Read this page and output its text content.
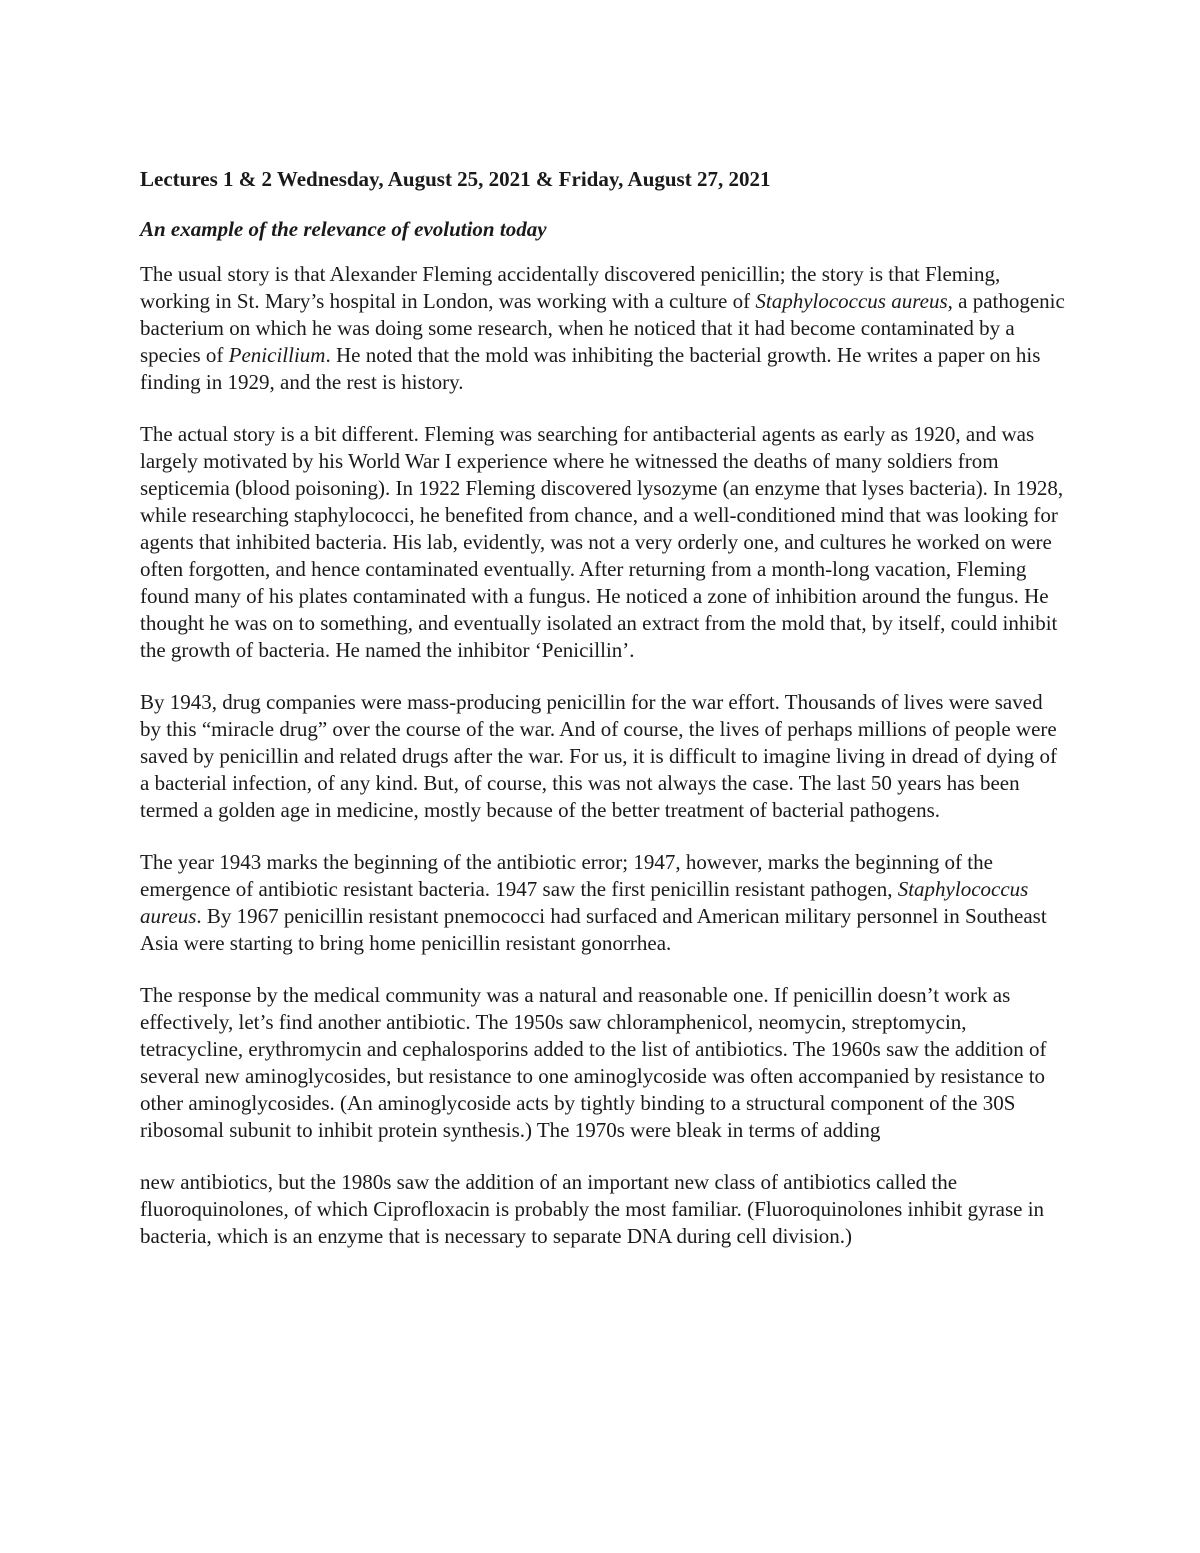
Lectures 1 & 2 Wednesday, August 25, 2021 & Friday, August 27, 2021
An example of the relevance of evolution today

The usual story is that Alexander Fleming accidentally discovered penicillin; the story is that Fleming, working in St. Mary’s hospital in London, was working with a culture of Staphylococcus aureus, a pathogenic bacterium on which he was doing some research, when he noticed that it had become contaminated by a species of Penicillium. He noted that the mold was inhibiting the bacterial growth. He writes a paper on his finding in 1929, and the rest is history.

The actual story is a bit different. Fleming was searching for antibacterial agents as early as 1920, and was largely motivated by his World War I experience where he witnessed the deaths of many soldiers from septicemia (blood poisoning). In 1922 Fleming discovered lysozyme (an enzyme that lyses bacteria). In 1928, while researching staphylococci, he benefited from chance, and a well-conditioned mind that was looking for agents that inhibited bacteria. His lab, evidently, was not a very orderly one, and cultures he worked on were often forgotten, and hence contaminated eventually. After returning from a month-long vacation, Fleming found many of his plates contaminated with a fungus. He noticed a zone of inhibition around the fungus. He thought he was on to something, and eventually isolated an extract from the mold that, by itself, could inhibit the growth of bacteria. He named the inhibitor ‘Penicillin’.

By 1943, drug companies were mass-producing penicillin for the war effort. Thousands of lives were saved by this “miracle drug” over the course of the war. And of course, the lives of perhaps millions of people were saved by penicillin and related drugs after the war. For us, it is difficult to imagine living in dread of dying of a bacterial infection, of any kind. But, of course, this was not always the case. The last 50 years has been termed a golden age in medicine, mostly because of the better treatment of bacterial pathogens.

The year 1943 marks the beginning of the antibiotic error; 1947, however, marks the beginning of the emergence of antibiotic resistant bacteria. 1947 saw the first penicillin resistant pathogen, Staphylococcus aureus. By 1967 penicillin resistant pnemococci had surfaced and American military personnel in Southeast Asia were starting to bring home penicillin resistant gonorrhea.

The response by the medical community was a natural and reasonable one. If penicillin doesn’t work as effectively, let’s find another antibiotic. The 1950s saw chloramphenicol, neomycin, streptomycin, tetracycline, erythromycin and cephalosporins added to the list of antibiotics. The 1960s saw the addition of several new aminoglycosides, but resistance to one aminoglycoside was often accompanied by resistance to other aminoglycosides. (An aminoglycoside acts by tightly binding to a structural component of the 30S ribosomal subunit to inhibit protein synthesis.) The 1970s were bleak in terms of adding

new antibiotics, but the 1980s saw the addition of an important new class of antibiotics called the fluoroquinolones, of which Ciprofloxacin is probably the most familiar. (Fluoroquinolones inhibit gyrase in bacteria, which is an enzyme that is necessary to separate DNA during cell division.)
